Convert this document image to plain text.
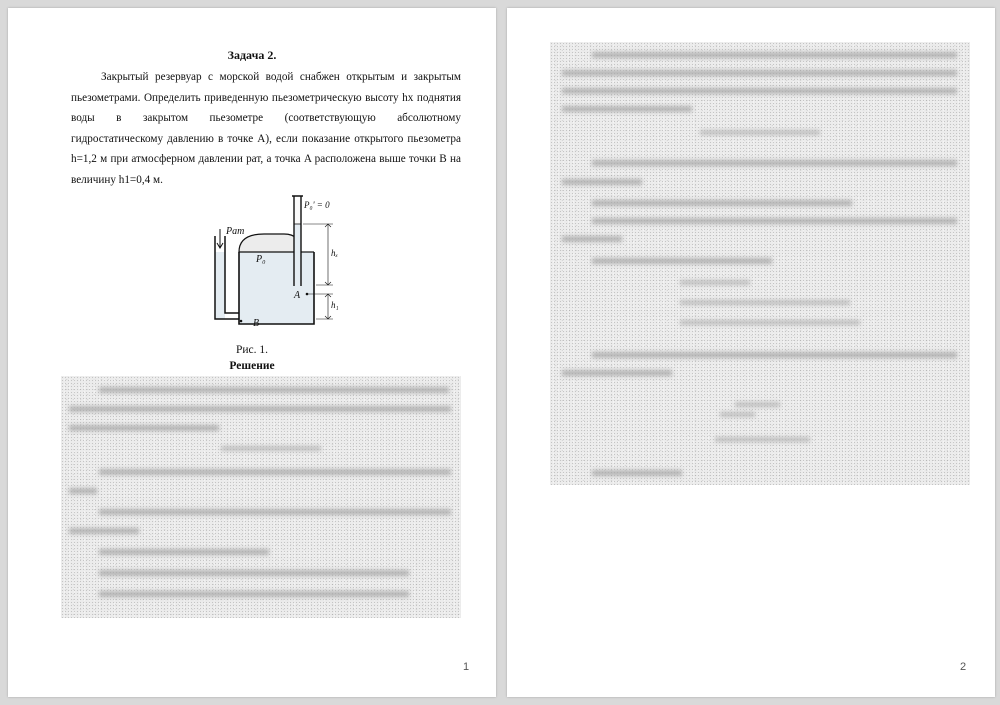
Задача 2.
Закрытый резервуар с морской водой снабжен открытым и закрытым пьезометрами. Определить приведенную пьезометрическую высоту hx поднятия воды в закрытом пьезометре (соответствующую абсолютному гидростатическому давлению в точке A), если показание открытого пьезометра h=1,2 м при атмосферном давлении pат, а точка A расположена выше точки B на величину h1=0,4 м.
Pam
P₀' = 0
P₀
hₓ
h₁
A
B
Рис. 1.
Решение
1	2
